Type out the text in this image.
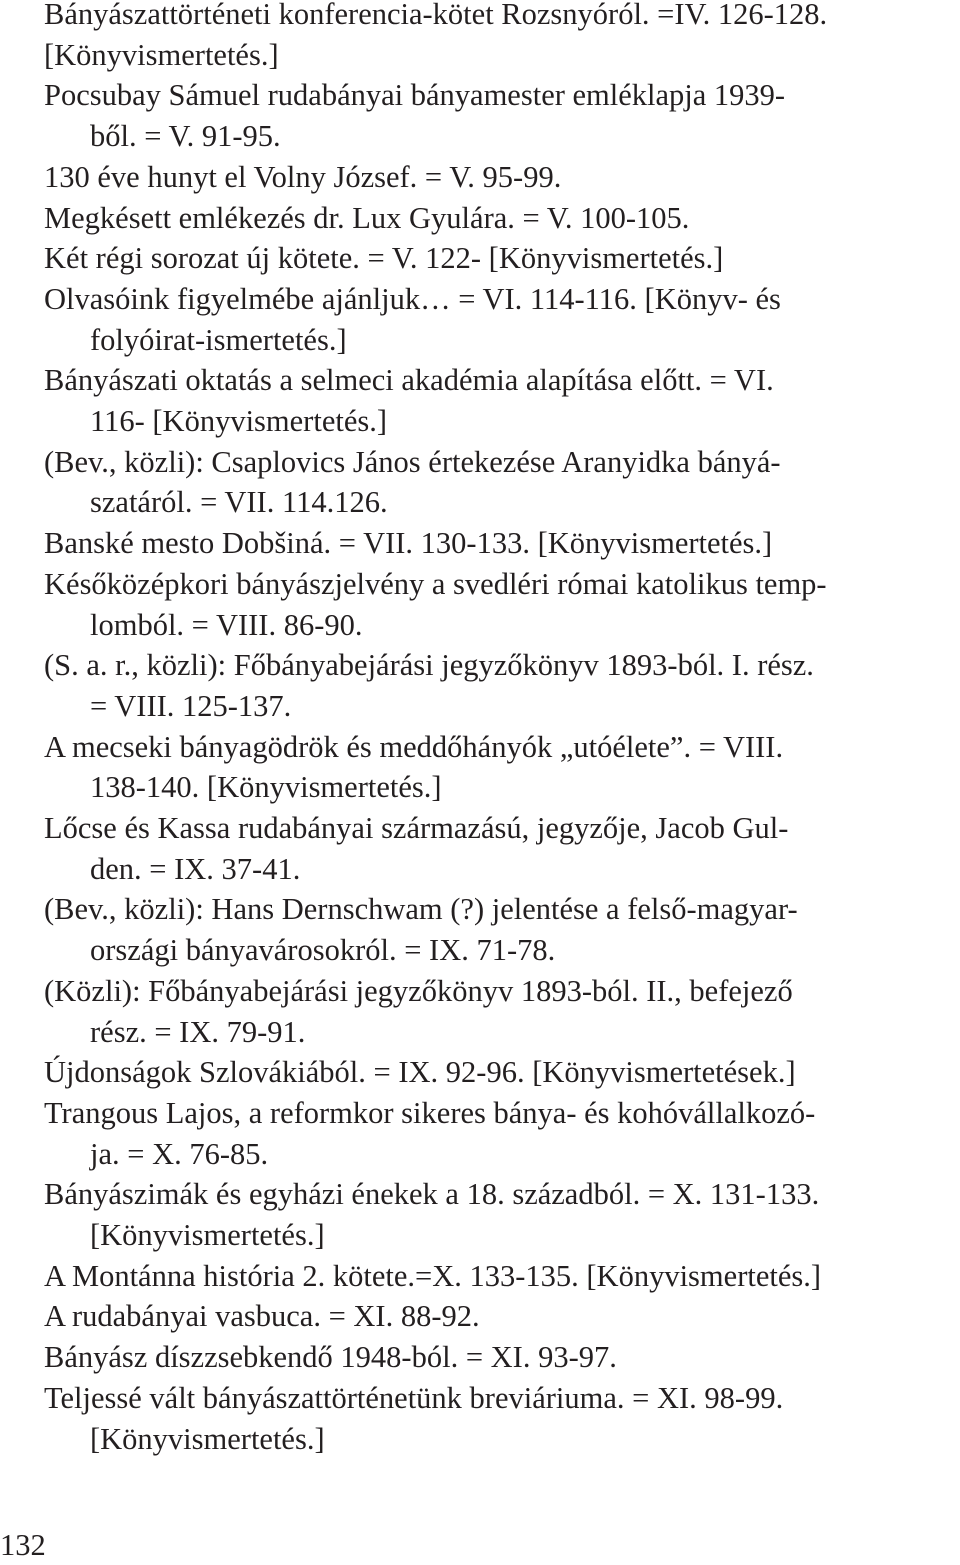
Bányászattörténeti konferencia-kötet Rozsnyóról. =IV. 126-128.
[Könyvismertetés.]
Pocsubay Sámuel rudabányai bányamester emléklapja 1939-
ből. = V. 91-95.
130 éve hunyt el Volny József. = V. 95-99.
Megkésett emlékezés dr. Lux Gyulára. = V. 100-105.
Két régi sorozat új kötete. = V. 122- [Könyvismertetés.]
Olvasóink figyelmébe ajánljuk… = VI. 114-116. [Könyv- és
folyóirat-ismertetés.]
Bányászati oktatás a selmeci akadémia alapítása előtt. = VI.
116- [Könyvismertetés.]
(Bev., közli): Csaplovics János értekezése Aranyidka bányá-
szatáról. = VII. 114.126.
Banské mesto Dobšiná. = VII. 130-133. [Könyvismertetés.]
Későközépkori bányászjelvény a svedléri római katolikus temp-
lomból. = VIII. 86-90.
(S. a. r., közli): Főbányabejárási jegyzőkönyv 1893-ból. I. rész.
= VIII. 125-137.
A mecseki bányagödrök és meddőhányók „utóélete”. = VIII.
138-140. [Könyvismertetés.]
Lőcse és Kassa rudabányai származású, jegyzője, Jacob Gul-
den. = IX. 37-41.
(Bev., közli): Hans Dernschwam (?) jelentése a felső-magyar-
országi bányavárosokról. = IX. 71-78.
(Közli): Főbányabejárási jegyzőkönyv 1893-ból. II., befejező
rész. = IX. 79-91.
Újdonságok Szlovákiából. = IX. 92-96. [Könyvismertetések.]
Trangous Lajos, a reformkor sikeres bánya- és kohóvállalkozó-
ja. = X. 76-85.
Bányászimák és egyházi énekek a 18. századból. = X. 131-133.
[Könyvismertetés.]
A Montánna história 2. kötete.=X. 133-135. [Könyvismertetés.]
A rudabányai vasbuca. = XI. 88-92.
Bányász díszzsebkendő 1948-ból. = XI. 93-97.
Teljessé vált bányászattörténetünk breviáriuma. = XI. 98-99.
[Könyvismertetés.]
132
